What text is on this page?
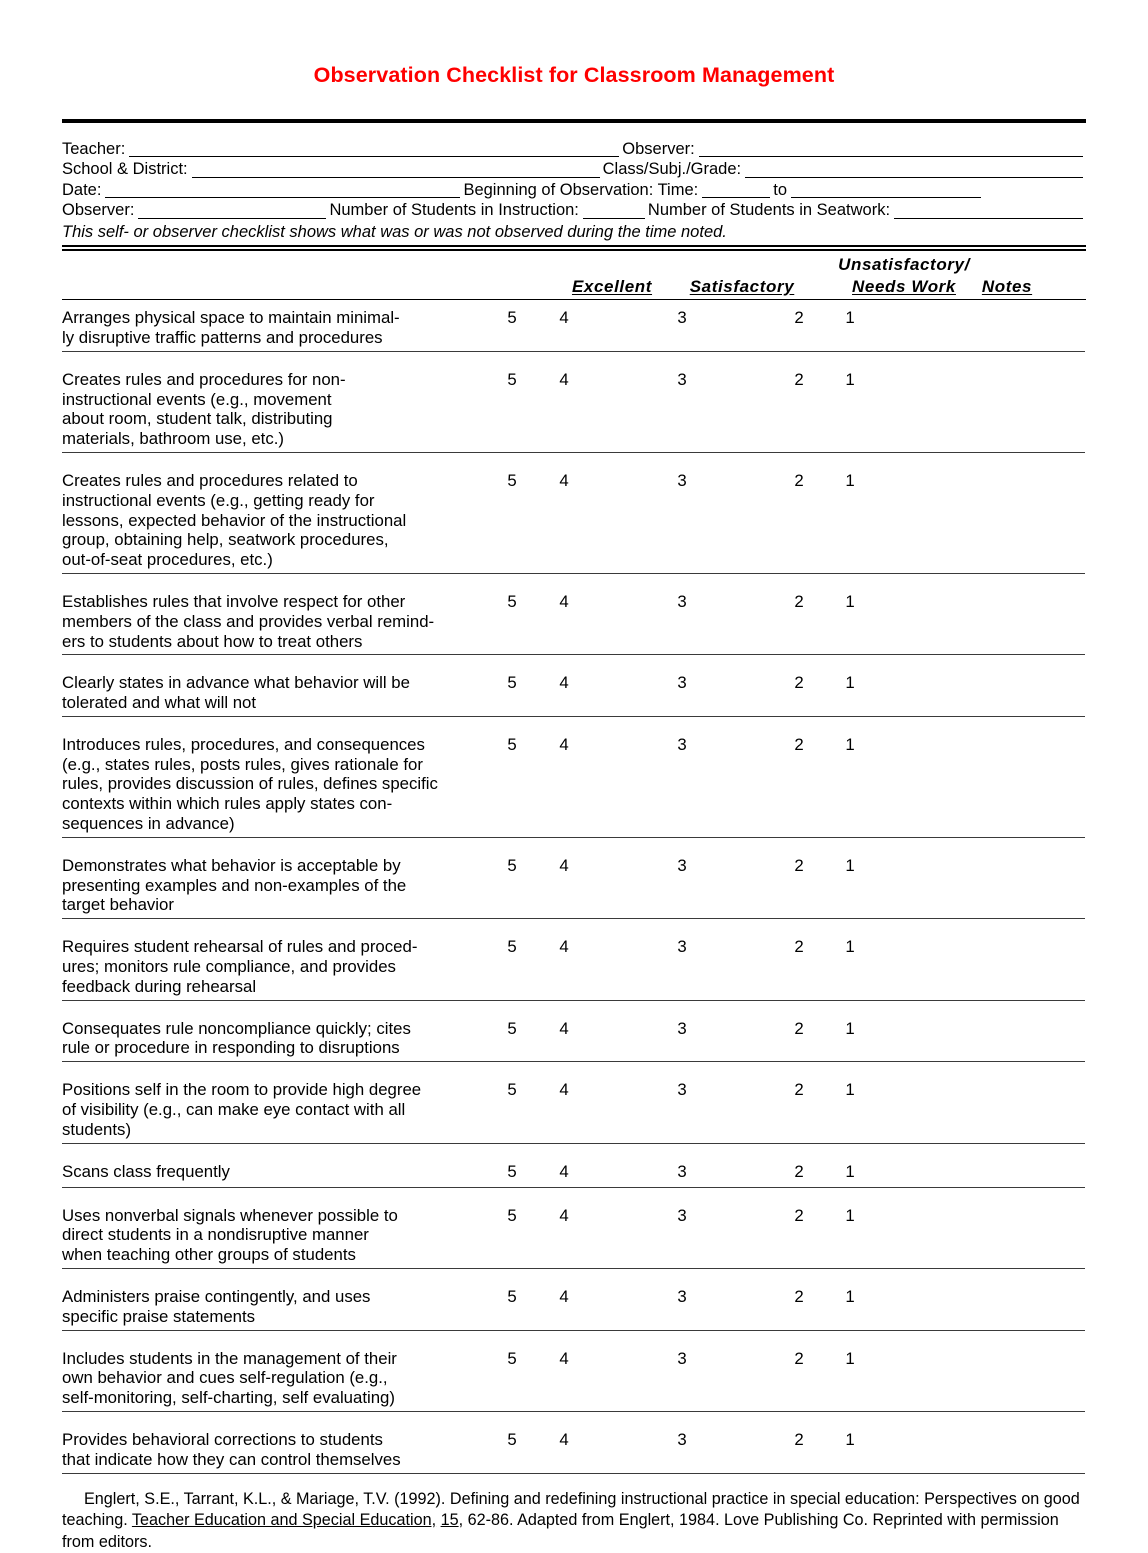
Observation Checklist for Classroom Management
Teacher:	Observer:
School & District:	Class/Subj./Grade:
Date:	Beginning of Observation: Time:	to
Observer:	Number of Students in Instruction:	Number of Students in Seatwork:
This self- or observer checklist shows what was or was not observed during the time noted.
Unsatisfactory/
Excellent	Satisfactory	Needs Work	Notes
Arranges physical space to maintain minimal-
ly disruptive traffic patterns and procedures
5	4	3	2	1
Creates rules and procedures for non-
instructional events (e.g., movement
about room, student talk, distributing
materials, bathroom use, etc.)
5	4	3	2	1
Creates rules and procedures related to
instructional events (e.g., getting ready for
lessons, expected behavior of the instructional
group, obtaining help, seatwork procedures,
out-of-seat procedures, etc.)
5	4	3	2	1
Establishes rules that involve respect for other
members of the class and provides verbal remind-
ers to students about how to treat others
5	4	3	2	1
Clearly states in advance what behavior will be
tolerated and what will not
5	4	3	2	1
Introduces rules, procedures, and consequences
(e.g., states rules, posts rules, gives rationale for
rules, provides discussion of rules, defines specific
contexts within which rules apply states con-
sequences in advance)
5	4	3	2	1
Demonstrates what behavior is acceptable by
presenting examples and non-examples of the
target behavior
5	4	3	2	1
Requires student rehearsal of rules and proced-
ures; monitors rule compliance, and provides
feedback during rehearsal
5	4	3	2	1
Consequates rule noncompliance quickly; cites
rule or procedure in responding to disruptions
5	4	3	2	1
Positions self in the room to provide high degree
of visibility (e.g., can make eye contact with all
students)
5	4	3	2	1
Scans class frequently	5	4	3	2	1
Uses nonverbal signals whenever possible to
direct students in a nondisruptive manner
when teaching other groups of students
5	4	3	2	1
Administers praise contingently, and uses
specific praise statements
5	4	3	2	1
Includes students in the management of their
own behavior and cues self-regulation (e.g.,
self-monitoring, self-charting, self evaluating)
5	4	3	2	1
Provides behavioral corrections to students
that indicate how they can control themselves
5	4	3	2	1
Englert, S.E., Tarrant, K.L., & Mariage, T.V. (1992). Defining and redefining instructional practice in special education: Perspectives on good teaching. Teacher Education and Special Education, 15, 62-86. Adapted from Englert, 1984. Love Publishing Co. Reprinted with permission from editors.
